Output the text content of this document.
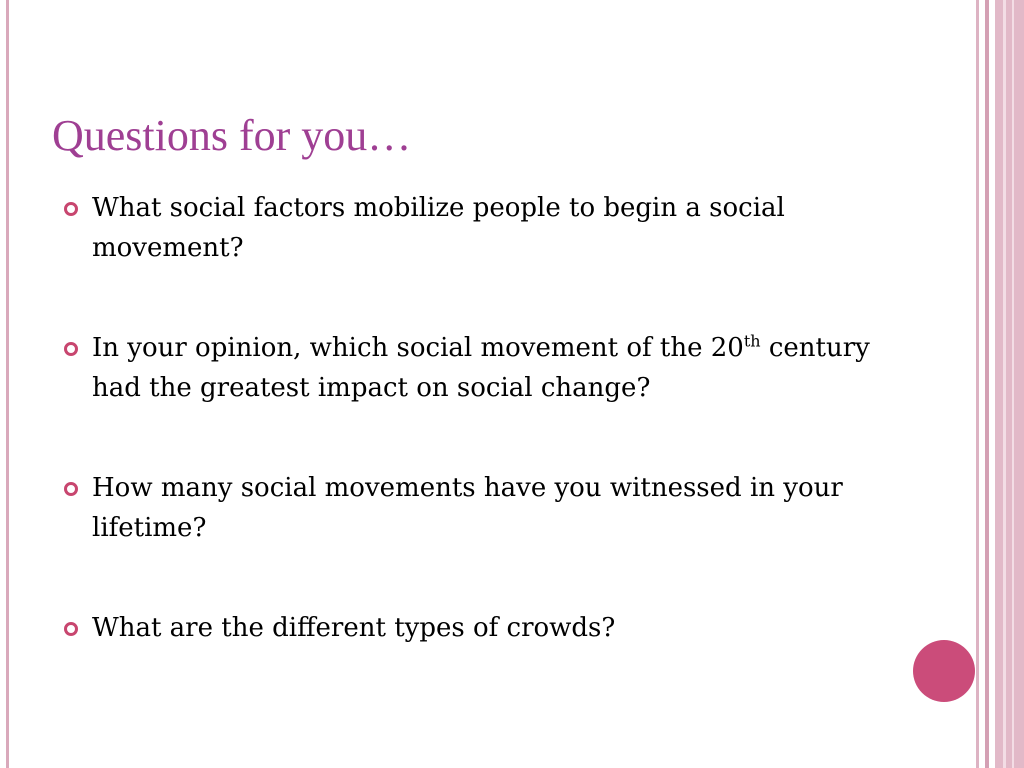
Questions for you…
What social factors mobilize people to begin a social movement?
In your opinion, which social movement of the 20th century had the greatest impact on social change?
How many social movements have you witnessed in your lifetime?
What are the different types of crowds?
